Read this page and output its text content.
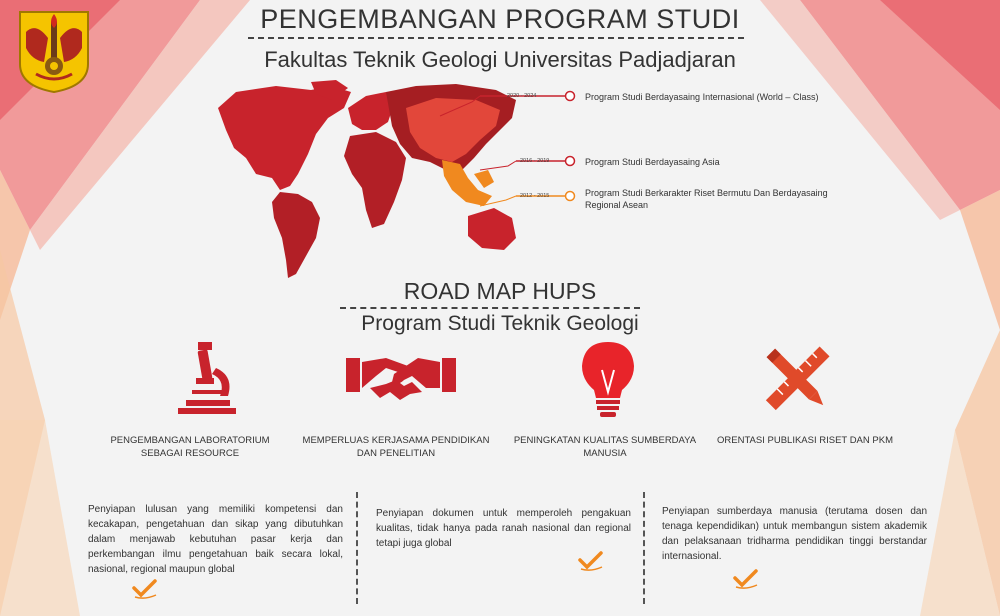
PENGEMBANGAN PROGRAM STUDI
Fakultas Teknik Geologi Universitas Padjadjaran
2020 - 2024	Program Studi Berdayasaing Internasional (World – Class)
2016 - 2019	Program Studi Berdayasaing Asia
2012 - 2015	Program Studi Berkarakter Riset Bermutu Dan Berdayasaing Regional Asean
ROAD MAP HUPS
Program Studi Teknik Geologi
PENGEMBANGAN LABORATORIUM SEBAGAI RESOURCE
MEMPERLUAS KERJASAMA PENDIDIKAN DAN PENELITIAN
PENINGKATAN KUALITAS SUMBERDAYA MANUSIA
ORENTASI PUBLIKASI RISET DAN PKM
Penyiapan lulusan yang memiliki kompetensi dan kecakapan, pengetahuan dan sikap yang dibutuhkan dalam menjawab kebutuhan pasar kerja dan perkembangan ilmu pengetahuan baik secara lokal, nasional, regional maupun global
Penyiapan dokumen untuk memperoleh pengakuan kualitas, tidak hanya pada ranah nasional dan regional tetapi juga global
Penyiapan sumberdaya manusia (terutama dosen dan tenaga kependidikan) untuk membangun sistem akademik dan pelaksanaan tridharma pendidikan tinggi berstandar internasional.
